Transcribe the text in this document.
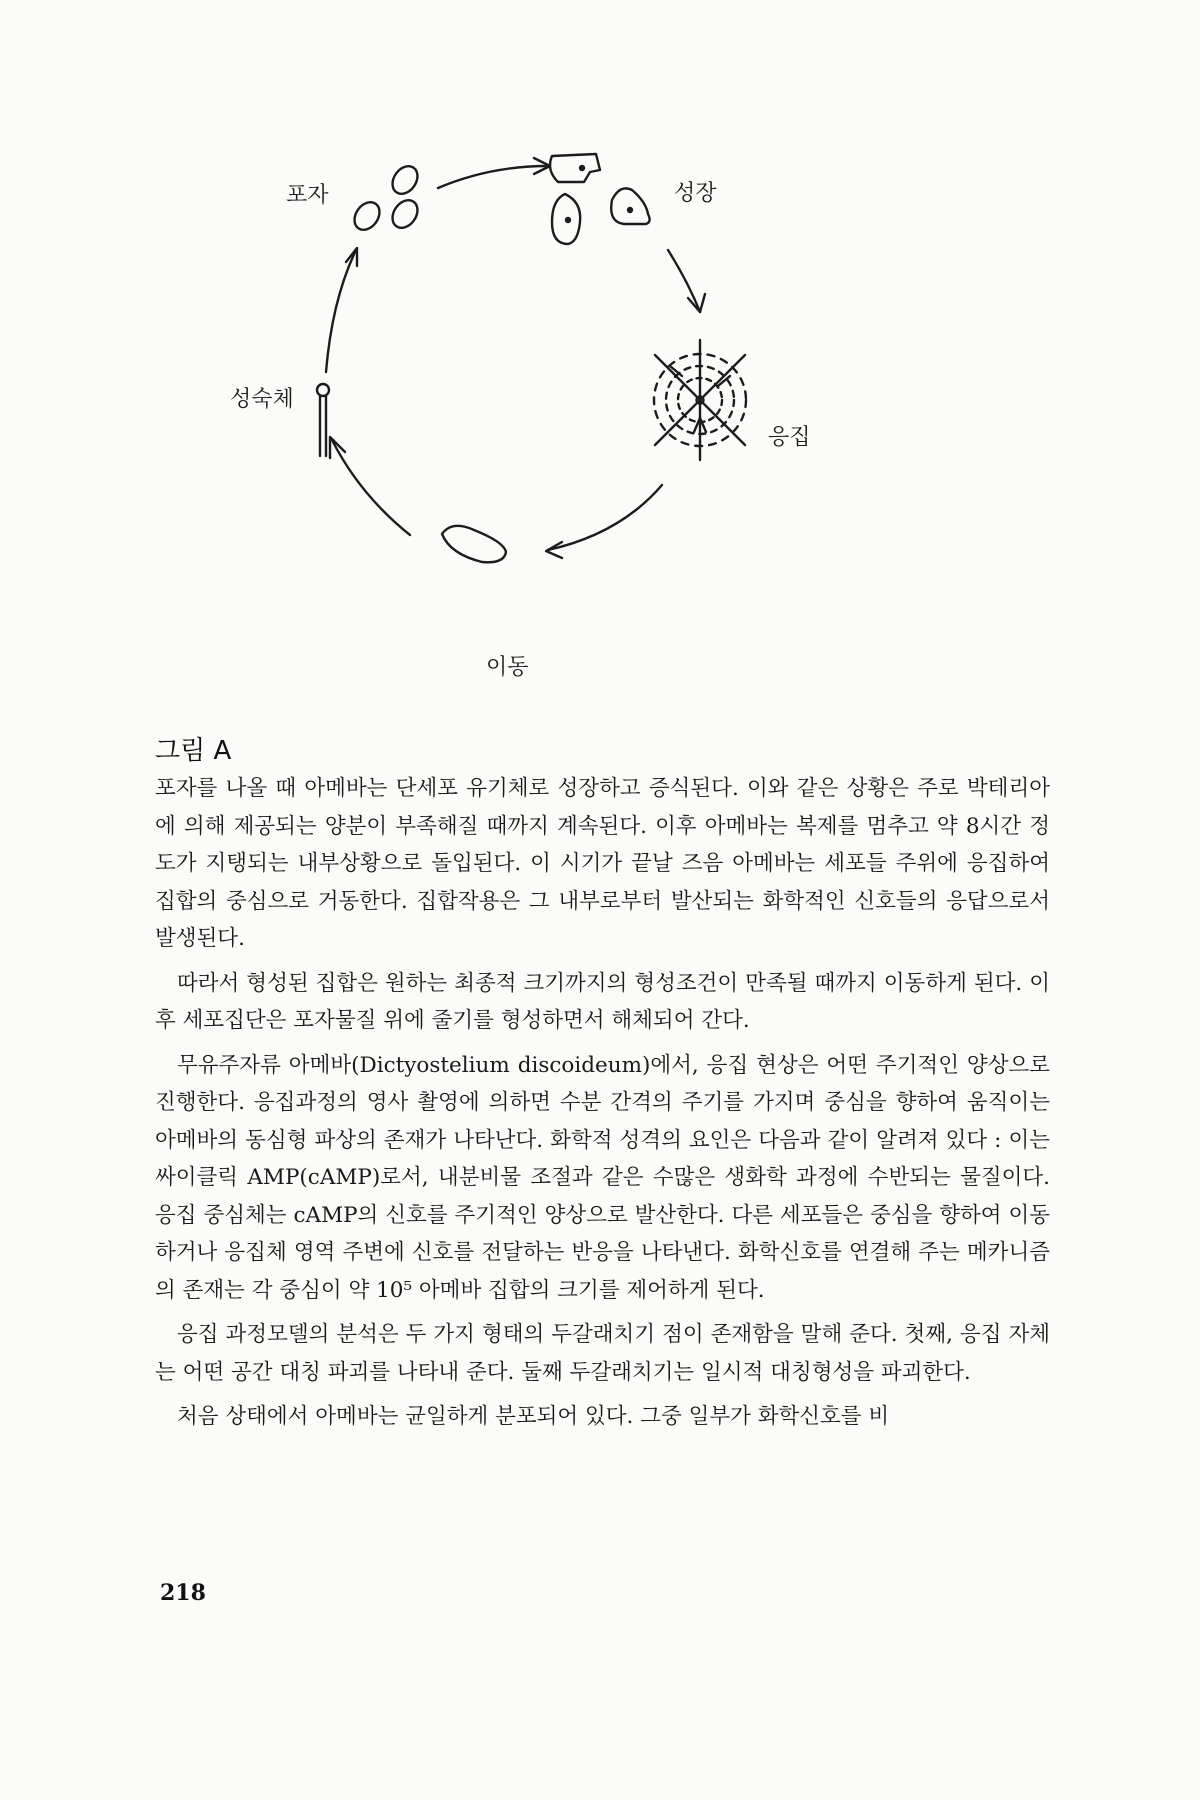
포자	성장
응집
이동
성숙체
그림 A

포자를 나올 때 아메바는 단세포 유기체로 성장하고 증식된다. 이와 같은 상황은 주로 박테리아에 의해 제공되는 양분이 부족해질 때까지 계속된다. 이후 아메바는 복제를 멈추고 약 8시간 정도가 지탱되는 내부상황으로 돌입된다. 이 시기가 끝날 즈음 아메바는 세포들 주위에 응집하여 집합의 중심으로 거동한다. 집합작용은 그 내부로부터 발산되는 화학적인 신호들의 응답으로서 발생된다.

따라서 형성된 집합은 원하는 최종적 크기까지의 형성조건이 만족될 때까지 이동하게 된다. 이후 세포집단은 포자물질 위에 줄기를 형성하면서 해체되어 간다.

무유주자류 아메바(Dictyostelium discoideum)에서, 응집 현상은 어떤 주기적인 양상으로 진행한다. 응집과정의 영사 촬영에 의하면 수분 간격의 주기를 가지며 중심을 향하여 움직이는 아메바의 동심형 파상의 존재가 나타난다. 화학적 성격의 요인은 다음과 같이 알려져 있다 : 이는 싸이클릭 AMP(cAMP)로서, 내분비물 조절과 같은 수많은 생화학 과정에 수반되는 물질이다. 응집 중심체는 cAMP의 신호를 주기적인 양상으로 발산한다. 다른 세포들은 중심을 향하여 이동하거나 응집체 영역 주변에 신호를 전달하는 반응을 나타낸다. 화학신호를 연결해 주는 메카니즘의 존재는 각 중심이 약 10⁵ 아메바 집합의 크기를 제어하게 된다.

응집 과정모델의 분석은 두 가지 형태의 두갈래치기 점이 존재함을 말해 준다. 첫째, 응집 자체는 어떤 공간 대칭 파괴를 나타내 준다. 둘째 두갈래치기는 일시적 대칭형성을 파괴한다.

처음 상태에서 아메바는 균일하게 분포되어 있다. 그중 일부가 화학신호를 비

218
